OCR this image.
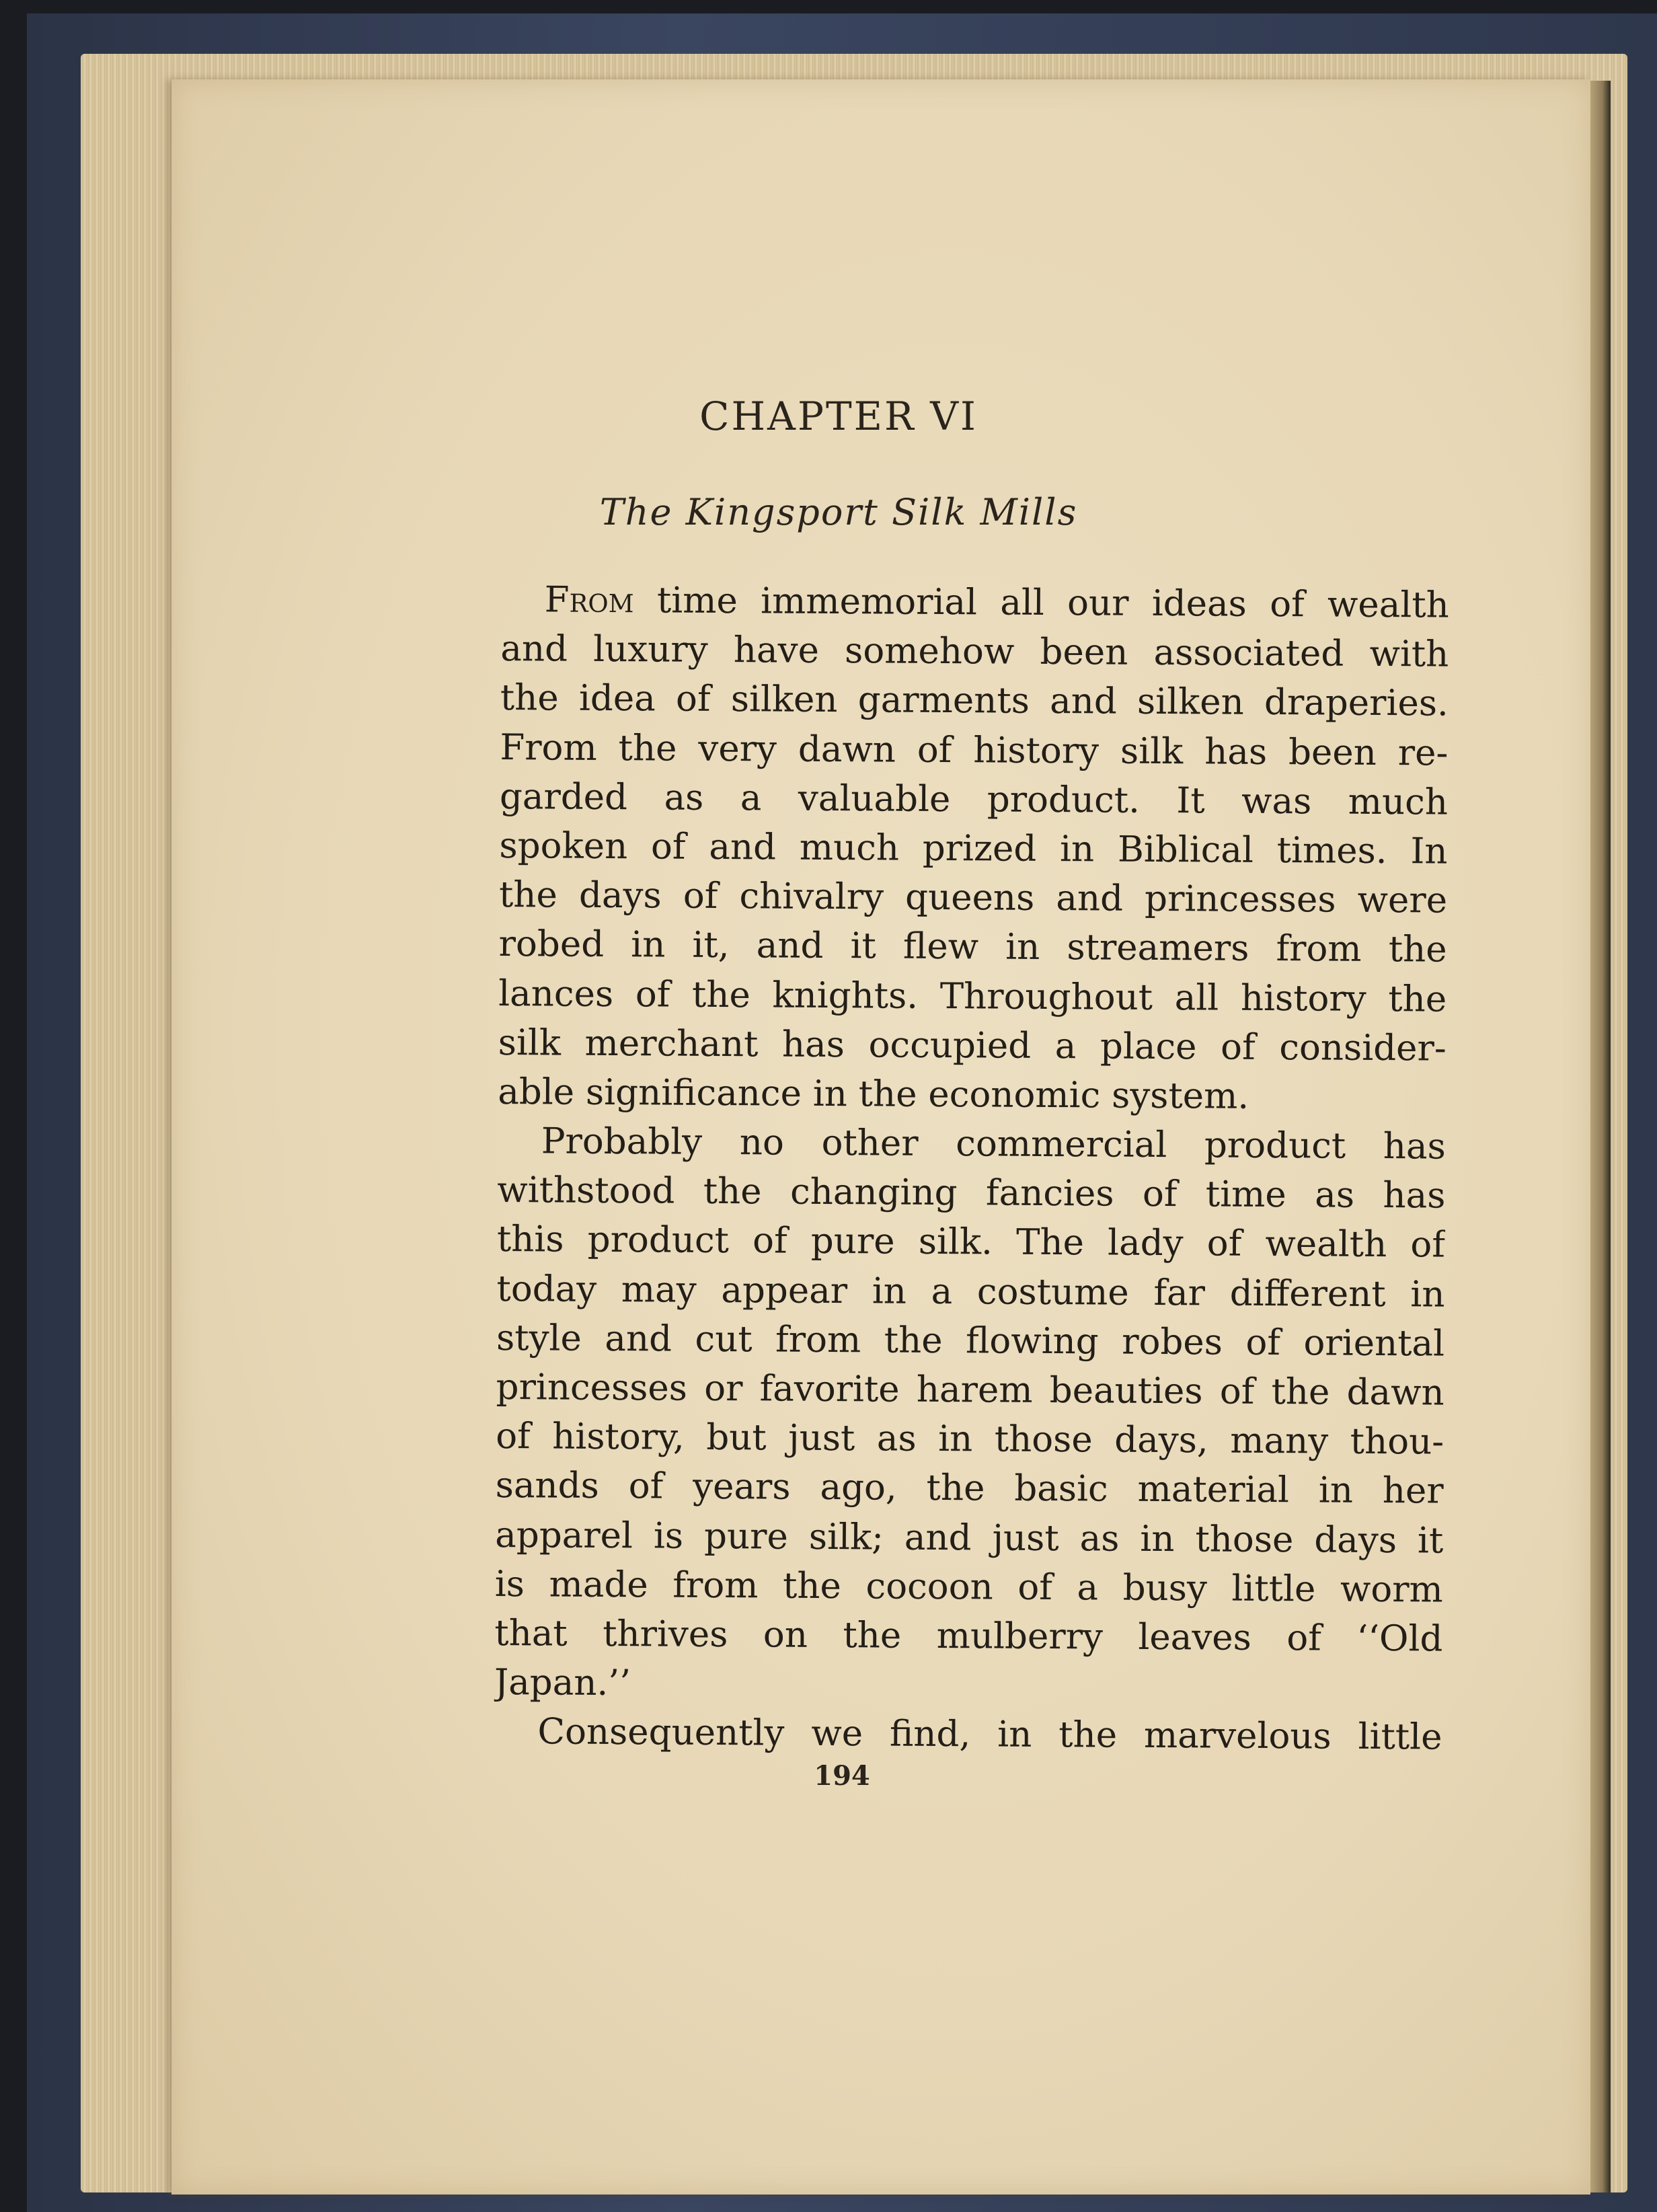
CHAPTER VI
The Kingsport Silk Mills
From time immemorial all our ideas of wealth
and luxury have somehow been associated with
the idea of silken garments and silken draperies.
From the very dawn of history silk has been re-
garded as a valuable product. It was much
spoken of and much prized in Biblical times. In
the days of chivalry queens and princesses were
robed in it, and it flew in streamers from the
lances of the knights. Throughout all history the
silk merchant has occupied a place of consider-
able significance in the economic system.
Probably no other commercial product has
withstood the changing fancies of time as has
this product of pure silk. The lady of wealth of
today may appear in a costume far different in
style and cut from the flowing robes of oriental
princesses or favorite harem beauties of the dawn
of history, but just as in those days, many thou-
sands of years ago, the basic material in her
apparel is pure silk; and just as in those days it
is made from the cocoon of a busy little worm
that thrives on the mulberry leaves of ‘‘Old
Japan.’’
Consequently we find, in the marvelous little
194
